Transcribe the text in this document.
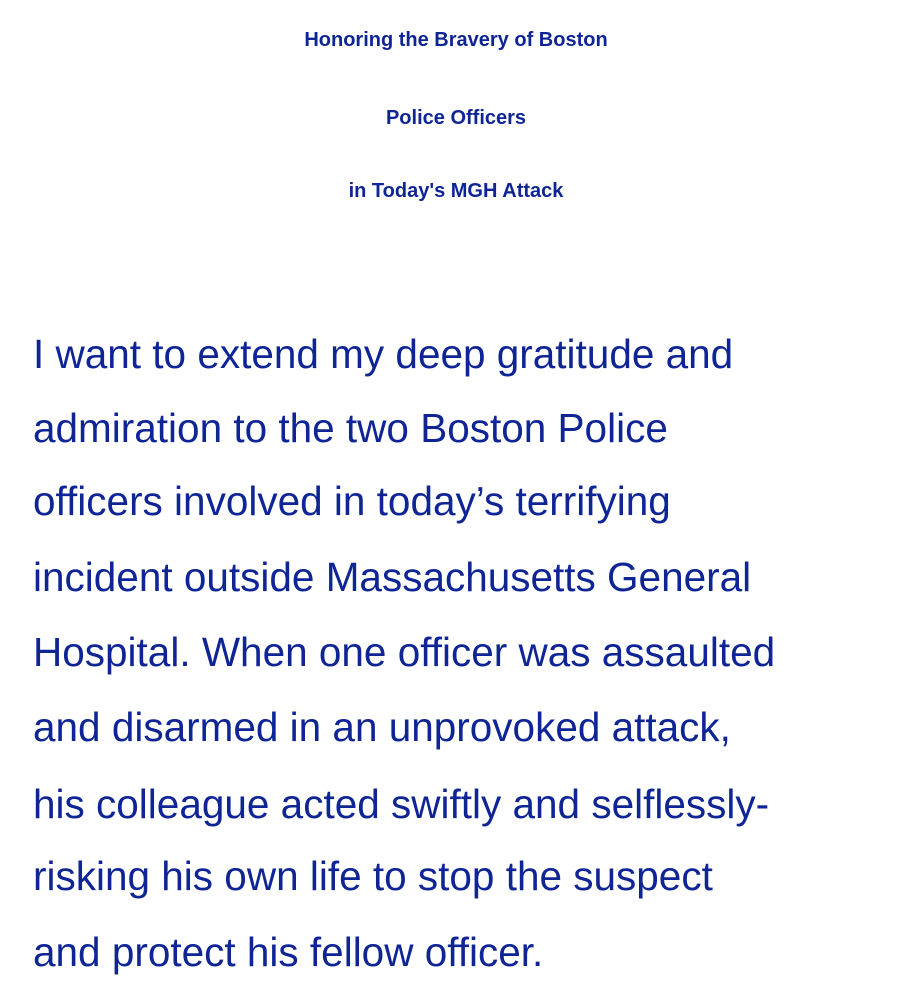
Honoring the Bravery of Boston
Police Officers
in Today's MGH Attack

I want to extend my deep gratitude and

admiration to the two Boston Police

officers involved in today’s terrifying

incident outside Massachusetts General

Hospital. When one officer was assaulted

and disarmed in an unprovoked attack,

his colleague acted swiftly and selflessly-

risking his own life to stop the suspect

and protect his fellow officer.
